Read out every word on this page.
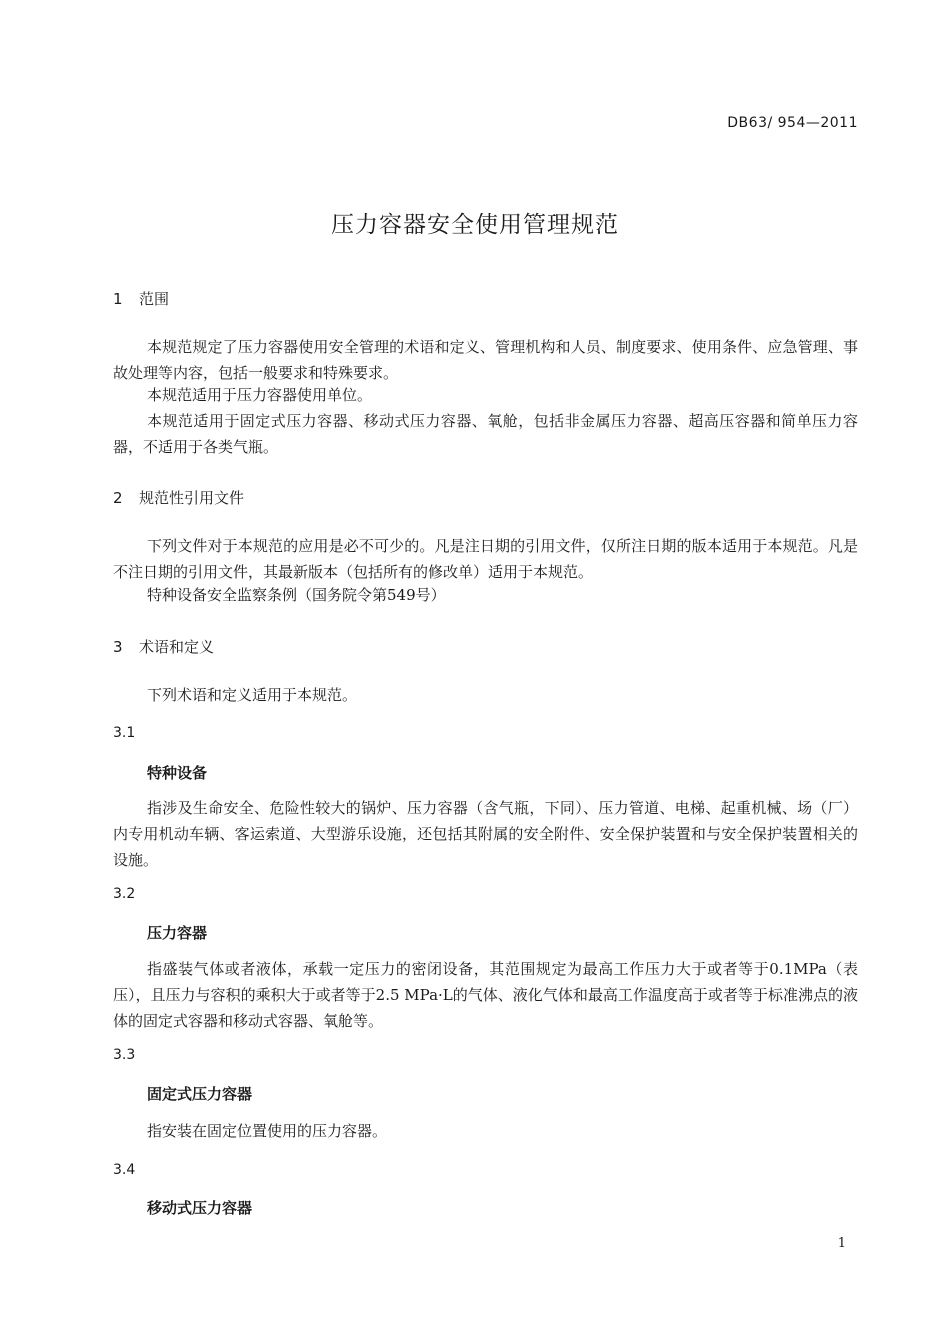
DB63/ 954—2011
压力容器安全使用管理规范
1 范围
本规范规定了压力容器使用安全管理的术语和定义、管理机构和人员、制度要求、使用条件、应急管理、事故处理等内容，包括一般要求和特殊要求。
本规范适用于压力容器使用单位。
本规范适用于固定式压力容器、移动式压力容器、氧舱，包括非金属压力容器、超高压容器和简单压力容器，不适用于各类气瓶。
2 规范性引用文件
下列文件对于本规范的应用是必不可少的。凡是注日期的引用文件，仅所注日期的版本适用于本规范。凡是不注日期的引用文件，其最新版本（包括所有的修改单）适用于本规范。
特种设备安全监察条例（国务院令第549号）
3 术语和定义
下列术语和定义适用于本规范。
3.1
特种设备
指涉及生命安全、危险性较大的锅炉、压力容器（含气瓶，下同）、压力管道、电梯、起重机械、场（厂）内专用机动车辆、客运索道、大型游乐设施，还包括其附属的安全附件、安全保护装置和与安全保护装置相关的设施。
3.2
压力容器
指盛装气体或者液体，承载一定压力的密闭设备，其范围规定为最高工作压力大于或者等于0.1MPa（表压），且压力与容积的乘积大于或者等于2.5 MPa·L的气体、液化气体和最高工作温度高于或者等于标准沸点的液体的固定式容器和移动式容器、氧舱等。
3.3
固定式压力容器
指安装在固定位置使用的压力容器。
3.4
移动式压力容器
1
